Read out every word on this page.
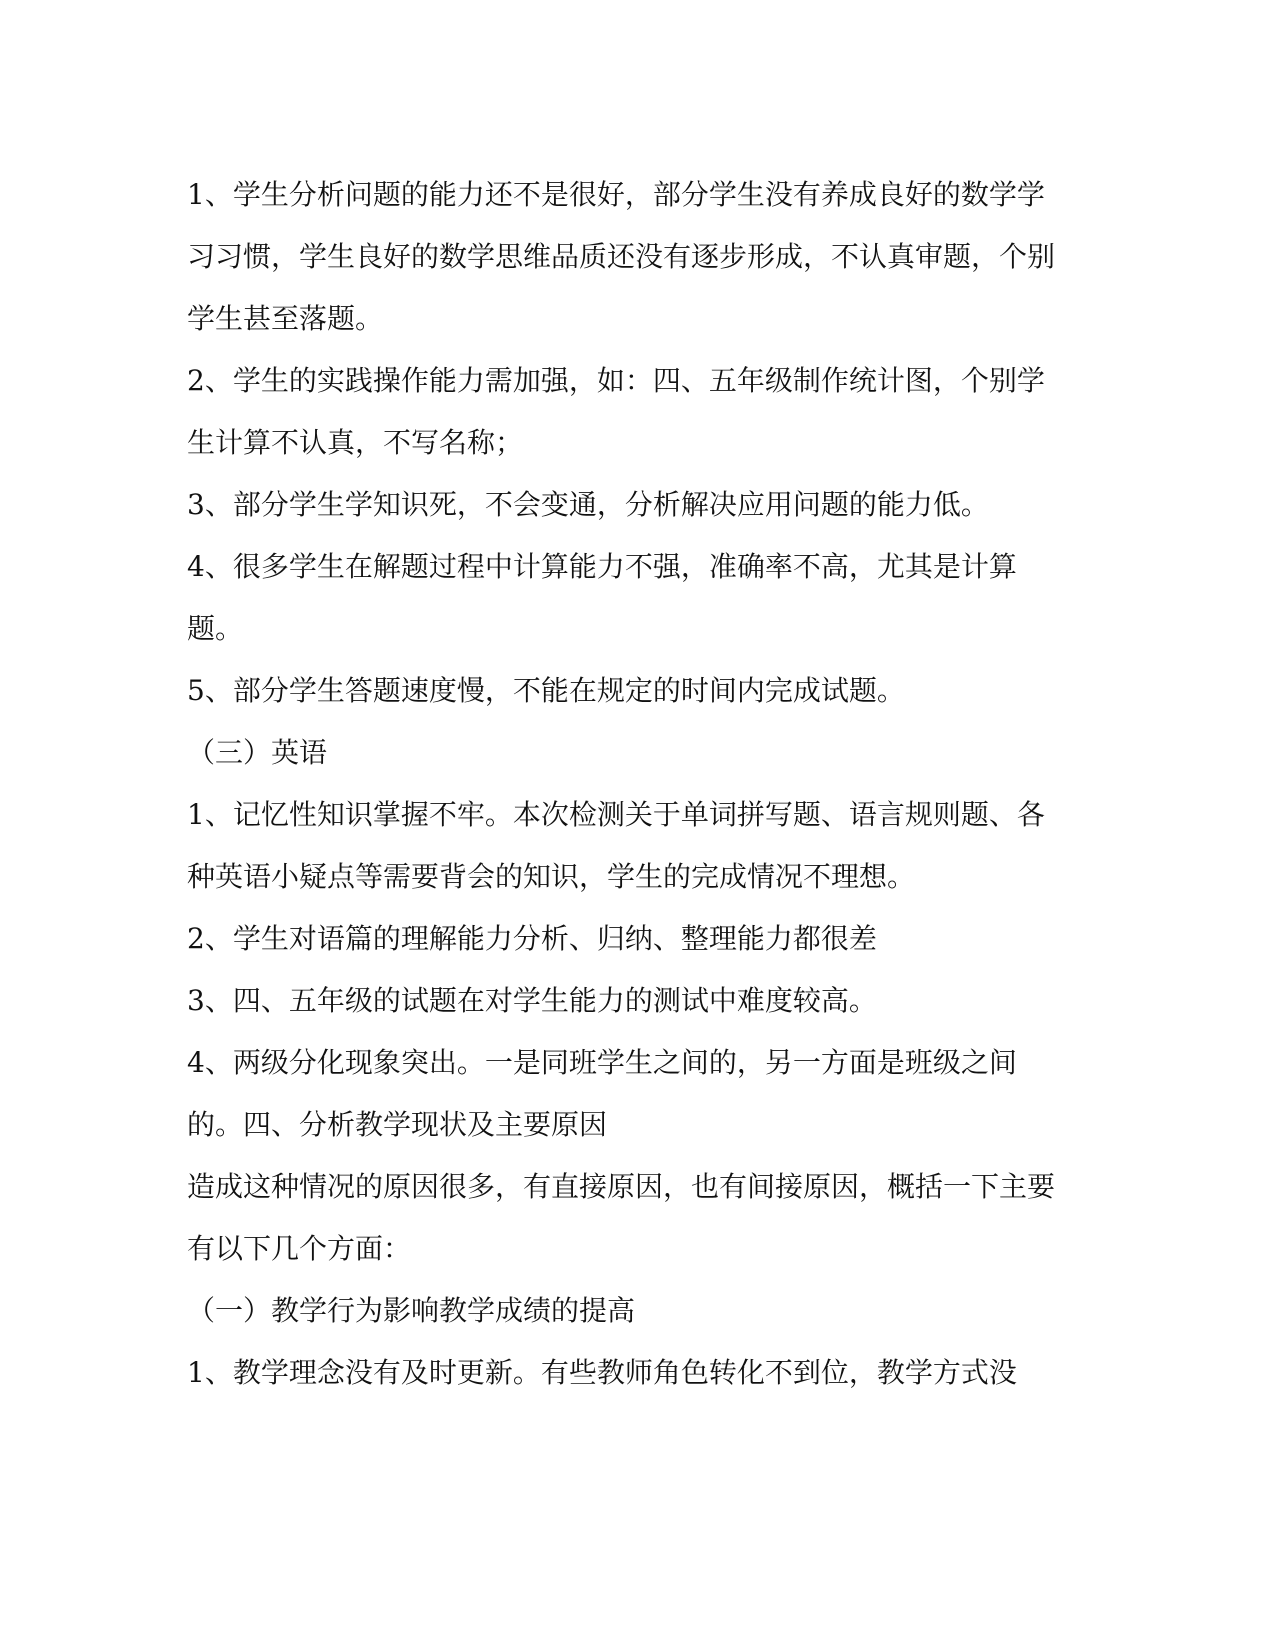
1、学生分析问题的能力还不是很好，部分学生没有养成良好的数学学习习惯，学生良好的数学思维品质还没有逐步形成，不认真审题，个别学生甚至落题。

2、学生的实践操作能力需加强，如：四、五年级制作统计图，个别学生计算不认真，不写名称；

3、部分学生学知识死，不会变通，分析解决应用问题的能力低。

4、很多学生在解题过程中计算能力不强，准确率不高，尤其是计算题。

5、部分学生答题速度慢，不能在规定的时间内完成试题。

（三）英语

1、记忆性知识掌握不牢。本次检测关于单词拼写题、语言规则题、各种英语小疑点等需要背会的知识，学生的完成情况不理想。

2、学生对语篇的理解能力分析、归纳、整理能力都很差

3、四、五年级的试题在对学生能力的测试中难度较高。

4、两级分化现象突出。一是同班学生之间的，另一方面是班级之间的。四、分析教学现状及主要原因

造成这种情况的原因很多，有直接原因，也有间接原因，概括一下主要有以下几个方面：

（一）教学行为影响教学成绩的提高

1、教学理念没有及时更新。有些教师角色转化不到位，教学方式没
